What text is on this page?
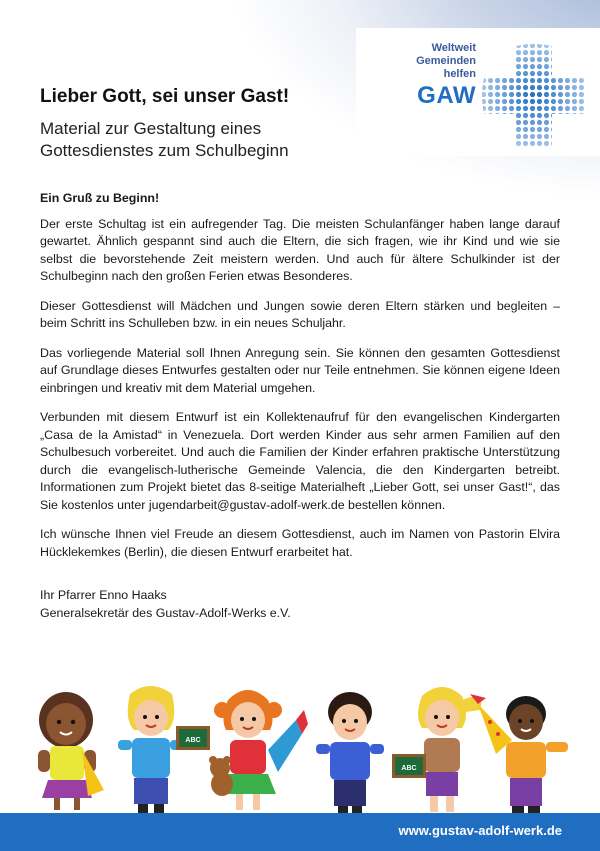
Weltweit
Gemeinden
helfen
GAW
Lieber Gott, sei unser Gast!
Material zur Gestaltung eines Gottesdienstes zum Schulbeginn

Ein Gruß zu Beginn!

Der erste Schultag ist ein aufregender Tag. Die meisten Schulanfänger haben lange darauf gewartet. Ähnlich gespannt sind auch die Eltern, die sich fragen, wie ihr Kind und wie sie selbst die bevorstehende Zeit meistern werden. Und auch für ältere Schulkinder ist der Schulbeginn nach den großen Ferien etwas Besonderes.

Dieser Gottesdienst will Mädchen und Jungen sowie deren Eltern stärken und begleiten – beim Schritt ins Schulleben bzw. in ein neues Schuljahr.

Das vorliegende Material soll Ihnen Anregung sein. Sie können den gesamten Gottesdienst auf Grundlage dieses Entwurfes gestalten oder nur Teile entnehmen. Sie können eigene Ideen einbringen und kreativ mit dem Material umgehen.

Verbunden mit diesem Entwurf ist ein Kollektenaufruf für den evangelischen Kindergarten „Casa de la Amistad“ in Venezuela. Dort werden Kinder aus sehr armen Familien auf den Schulbesuch vorbereitet. Und auch die Familien der Kinder erfahren praktische Unterstützung durch die evangelisch-lutherische Gemeinde Valencia, die den Kindergarten betreibt. Informationen zum Projekt bietet das 8-seitige Materialheft „Lieber Gott, sei unser Gast!“, das Sie kostenlos unter jugendarbeit@gustav-adolf-werk.de bestellen können.

Ich wünsche Ihnen viel Freude an diesem Gottesdienst, auch im Namen von Pastorin Elvira Hücklekemkes (Berlin), die diesen Entwurf erarbeitet hat.

Ihr Pfarrer Enno Haaks
Generalsekretär des Gustav-Adolf-Werks e.V.

ABC
ABC
www.gustav-adolf-werk.de
